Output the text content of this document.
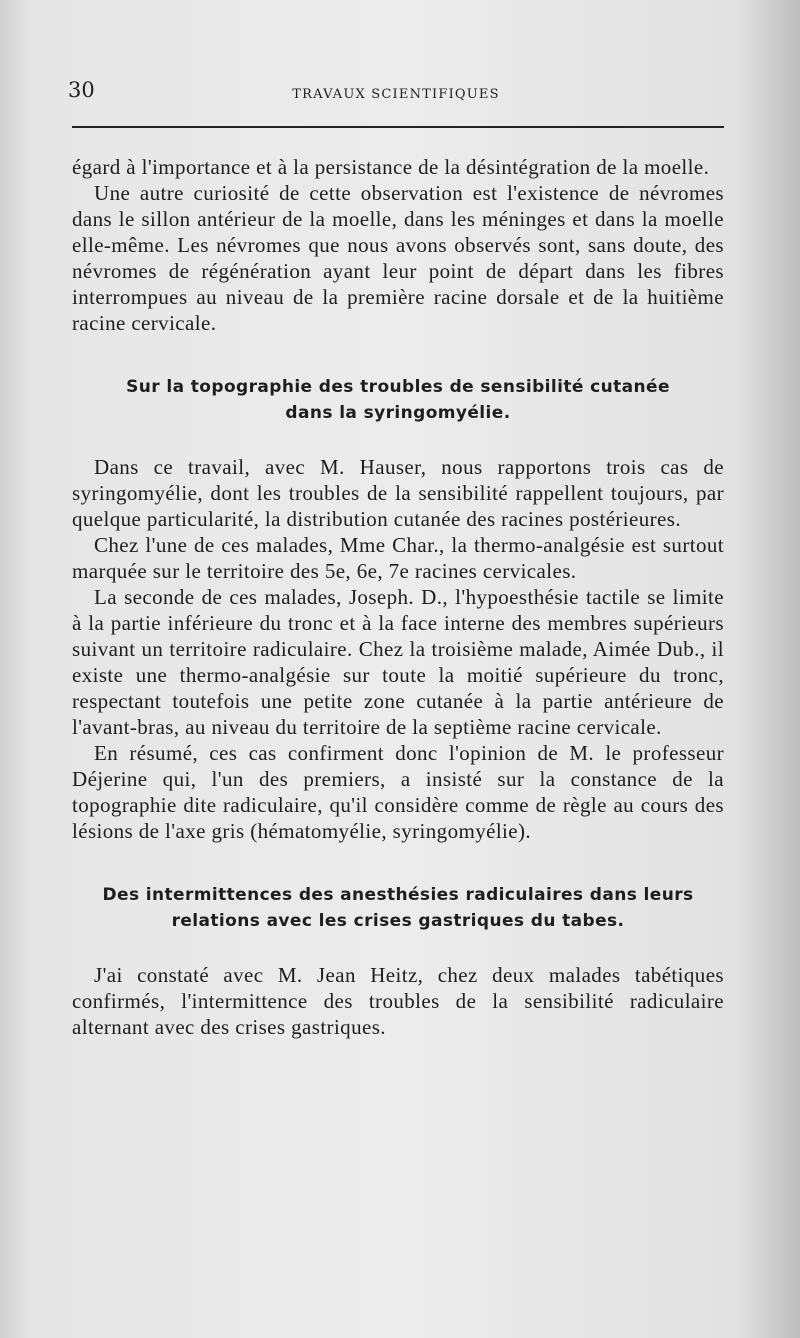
30	TRAVAUX SCIENTIFIQUES

égard à l'importance et à la persistance de la désintégration de la moelle.

Une autre curiosité de cette observation est l'existence de névromes dans le sillon antérieur de la moelle, dans les méninges et dans la moelle elle-même. Les névromes que nous avons observés sont, sans doute, des névromes de régénération ayant leur point de départ dans les fibres interrompues au niveau de la première racine dorsale et de la huitième racine cervicale.

Sur la topographie des troubles de sensibilité cutanée
dans la syringomyélie.

Dans ce travail, avec M. Hauser, nous rapportons trois cas de syringomyélie, dont les troubles de la sensibilité rappellent toujours, par quelque particularité, la distribution cutanée des racines postérieures.

Chez l'une de ces malades, Mme Char., la thermo-analgésie est surtout marquée sur le territoire des 5e, 6e, 7e racines cervicales.

La seconde de ces malades, Joseph. D., l'hypoesthésie tactile se limite à la partie inférieure du tronc et à la face interne des membres supérieurs suivant un territoire radiculaire. Chez la troisième malade, Aimée Dub., il existe une thermo-analgésie sur toute la moitié supérieure du tronc, respectant toutefois une petite zone cutanée à la partie antérieure de l'avant-bras, au niveau du territoire de la septième racine cervicale.

En résumé, ces cas confirment donc l'opinion de M. le professeur Déjerine qui, l'un des premiers, a insisté sur la constance de la topographie dite radiculaire, qu'il considère comme de règle au cours des lésions de l'axe gris (hématomyélie, syringomyélie).

Des intermittences des anesthésies radiculaires dans leurs
relations avec les crises gastriques du tabes.

J'ai constaté avec M. Jean Heitz, chez deux malades tabétiques confirmés, l'intermittence des troubles de la sensibilité radiculaire alternant avec des crises gastriques.
